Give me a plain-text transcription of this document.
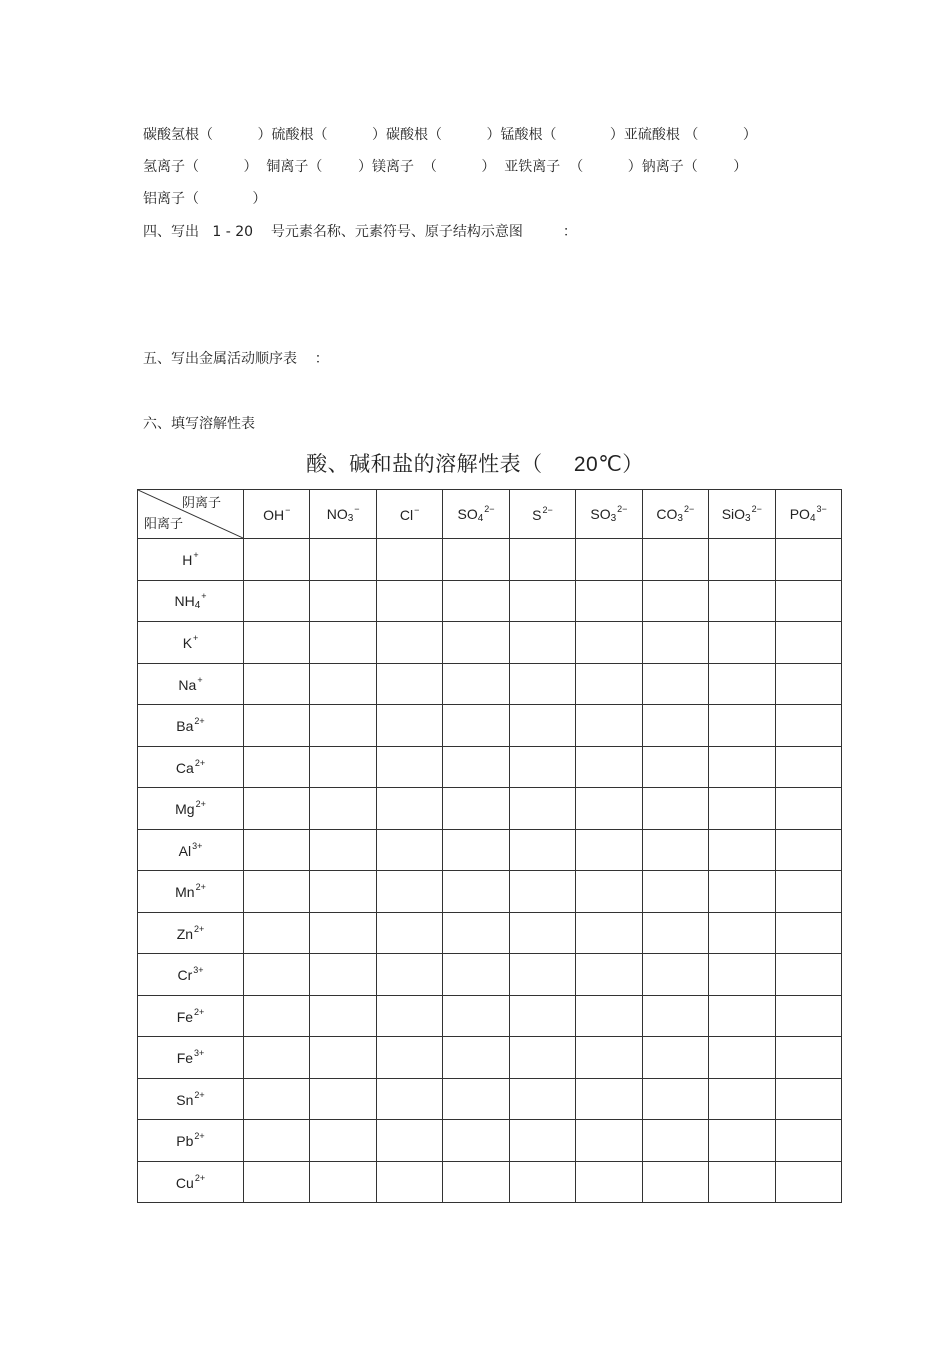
碳酸氢根（          ）硫酸根（          ）碳酸根（          ）锰酸根（            ）亚硫酸根 （          ）
氢离子（          ）  铜离子（        ）镁离子  （          ）  亚铁离子  （          ）钠离子（        ）
铝离子（            ）
四、写出   1 - 20    号元素名称、元素符号、原子结构示意图         ：
五、写出金属活动顺序表    ：
六、填写溶解性表
酸、碱和盐的溶解性表（ 20℃）
阴离子
阳离子	OH−	$NO_3^-$	Cl−	$SO_4^{2-}$	$S^{2-}$	$SO_3^{2-}$	$CO_3^{2-}$	SiO$_3^{2-}$	$PO_4^{3-}$
H+									
$NH_4^+$									
K+									
Na+									
$Ba^{2+}$									
$Ca^{2+}$									
$Mg^{2+}$									
$Al^{3+}$									
$Mn^{2+}$									
$Zn^{2+}$									
$Cr^{3+}$									
$Fe^{2+}$									
$Fe^{3+}$									
$Sn^{2+}$									
$Pb^{2+}$									
$Cu^{2+}$									
